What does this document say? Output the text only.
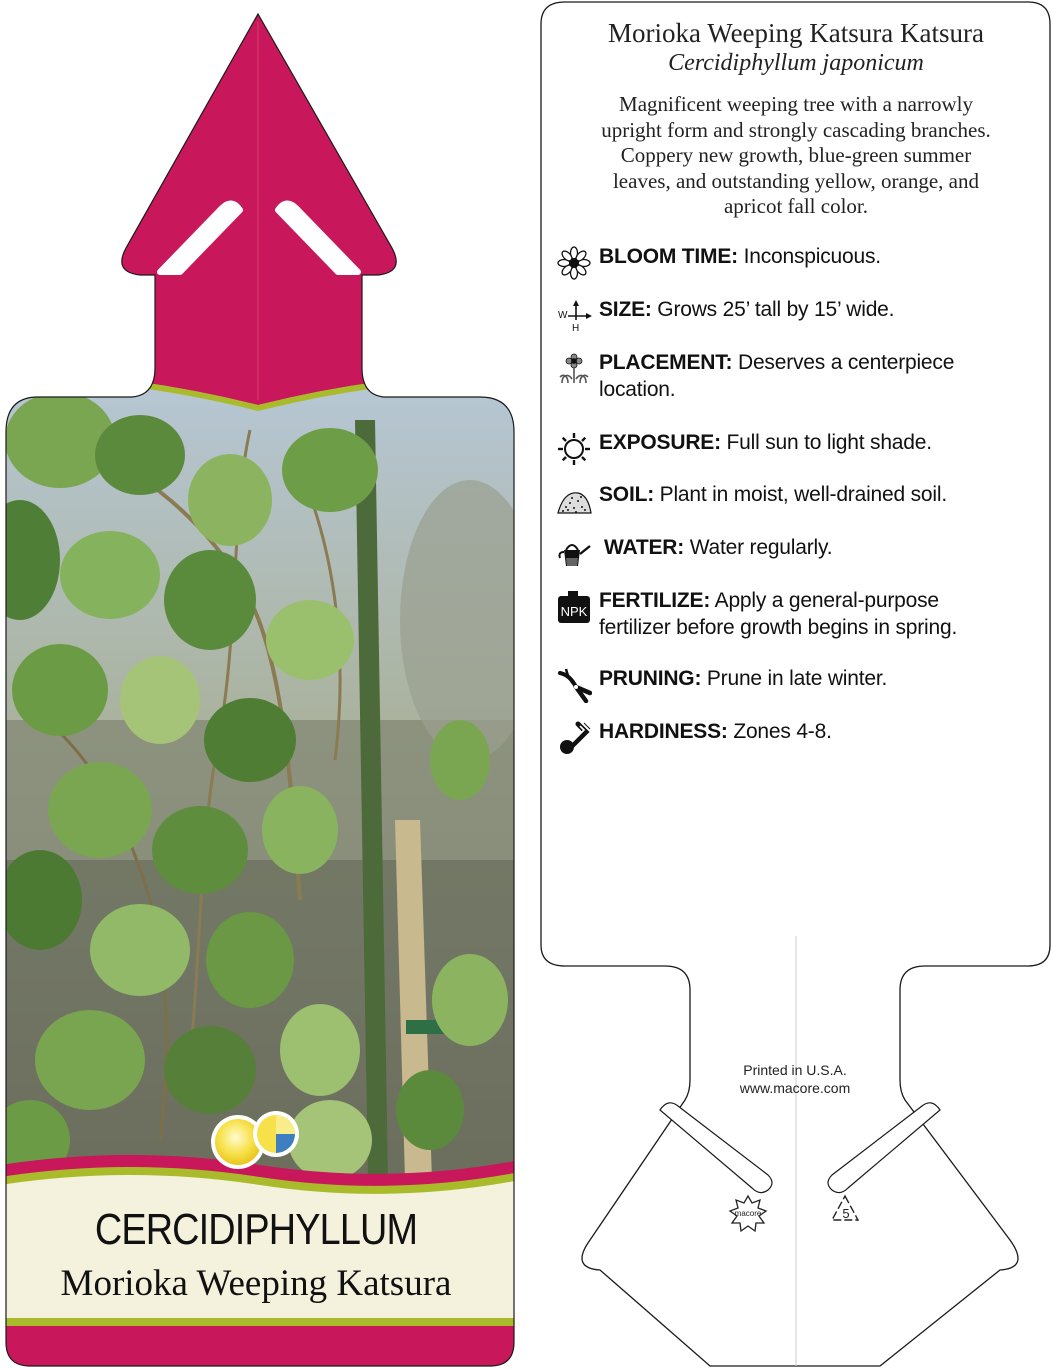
CERCIDIPHYLLUM
Morioka Weeping Katsura
macore	5
Morioka Weeping Katsura Katsura
Cercidiphyllum japonicum
Magnificent weeping tree with a narrowly
upright form and strongly cascading branches.
Coppery new growth, blue-green summer
leaves, and outstanding yellow, orange, and
apricot fall color.
BLOOM TIME: Inconspicuous.
W
H
SIZE: Grows 25’ tall by 15’ wide.
PLACEMENT: Deserves a centerpiece
location.
EXPOSURE: Full sun to light shade.
SOIL: Plant in moist, well-drained soil.
WATER: Water regularly.
NPK FERTILIZE: Apply a general-purpose
fertilizer before growth begins in spring.
PRUNING: Prune in late winter.
HARDINESS: Zones 4-8.
Printed in U.S.A.
www.macore.com
